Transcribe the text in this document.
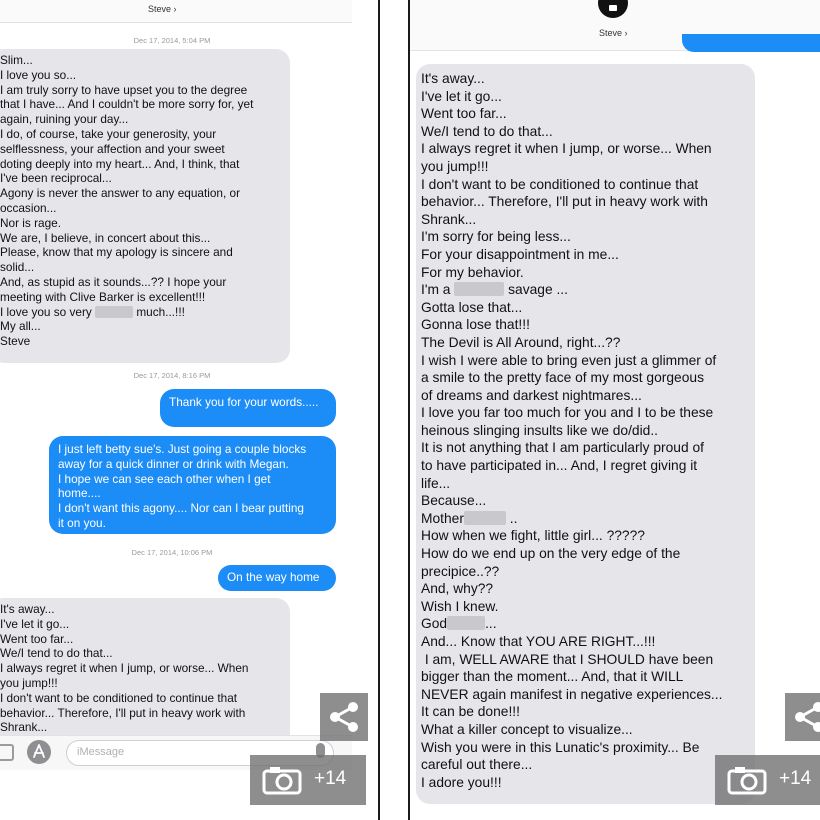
Steve ›
Dec 17, 2014, 5:04 PM
Slim...
I love you so...
I am truly sorry to have upset you to the degree
that I have... And I couldn't be more sorry for, yet
again, ruining your day...
I do, of course, take your generosity, your
selflessness, your affection and your sweet
doting deeply into my heart... And, I think, that
I've been reciprocal...
Agony is never the answer to any equation, or
occasion...
Nor is rage.
We are, I believe, in concert about this...
Please, know that my apology is sincere and
solid...
And, as stupid as it sounds...?? I hope your
meeting with Clive Barker is excellent!!!
I love you so very	much...!!!
My all...
Steve
Dec 17, 2014, 8:16 PM
Thank you for your words.....
I just left betty sue's. Just going a couple blocks
away for a quick dinner or drink with Megan.
I hope we can see each other when I get
home....
I don't want this agony.... Nor can I bear putting
it on you.
Dec 17, 2014, 10:06 PM
On the way home
It's away...
I've let it go...
Went too far...
We/I tend to do that...
I always regret it when I jump, or worse... When
you jump!!!
I don't want to be conditioned to continue that
behavior... Therefore, I'll put in heavy work with
Shrank...
iMessage
+14
Steve ›
It's away...
I've let it go...
Went too far...
We/I tend to do that...
I always regret it when I jump, or worse... When
you jump!!!
I don't want to be conditioned to continue that
behavior... Therefore, I'll put in heavy work with
Shrank...
I'm sorry for being less...
For your disappointment in me...
For my behavior.
I'm a	savage ...
Gotta lose that...
Gonna lose that!!!
The Devil is All Around, right...??
I wish I were able to bring even just a glimmer of
a smile to the pretty face of my most gorgeous
of dreams and darkest nightmares...
I love you far too much for you and I to be these
heinous slinging insults like we do/did..
It is not anything that I am particularly proud of
to have participated in... And, I regret giving it
life...
Because...
Mother	..
How when we fight, little girl... ?????
How do we end up on the very edge of the
precipice..??
And, why??
Wish I knew.
God	...
And... Know that YOU ARE RIGHT...!!!
I am, WELL AWARE that I SHOULD have been
bigger than the moment... And, that it WILL
NEVER again manifest in negative experiences...
It can be done!!!
What a killer concept to visualize...
Wish you were in this Lunatic's proximity... Be
careful out there...
I adore you!!!	+14
